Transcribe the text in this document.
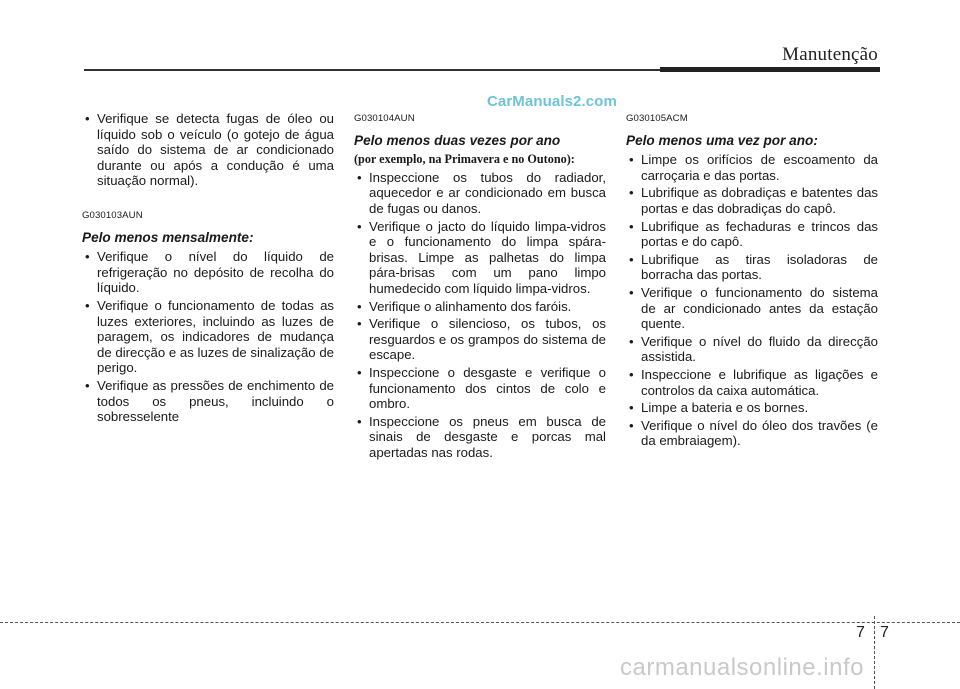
Manutenção
CarManuals2.com
• Verifique se detecta fugas de óleo ou líquido sob o veículo (o gotejo de água saído do sistema de ar condicionado durante ou após a condução é uma situação normal).
G030103AUN
Pelo menos mensalmente:
• Verifique o nível do líquido de refrigeração no depósito de recolha do líquido.
• Verifique o funcionamento de todas as luzes exteriores, incluindo as luzes de paragem, os indicadores de mudança de direcção e as luzes de sinalização de perigo.
• Verifique as pressões de enchimento de todos os pneus, incluindo o sobresselente
G030104AUN
Pelo menos duas vezes por ano
(por exemplo, na Primavera e no Outono):
• Inspeccione os tubos do radiador, aquecedor e ar condicionado em busca de fugas ou danos.
• Verifique o jacto do líquido limpa-vidros e o funcionamento do limpa spára-brisas. Limpe as palhetas do limpa pára-brisas com um pano limpo humedecido com líquido limpa-vidros.
• Verifique o alinhamento dos faróis.
• Verifique o silencioso, os tubos, os resguardos e os grampos do sistema de escape.
• Inspeccione o desgaste e verifique o funcionamento dos cintos de colo e ombro.
• Inspeccione os pneus em busca de sinais de desgaste e porcas mal apertadas nas rodas.
G030105ACM
Pelo menos uma vez por ano:
• Limpe os orifícios de escoamento da carroçaria e das portas.
• Lubrifique as dobradiças e batentes das portas e das dobradiças do capô.
• Lubrifique as fechaduras e trincos das portas e do capô.
• Lubrifique as tiras isoladoras de borracha das portas.
• Verifique o funcionamento do sistema de ar condicionado antes da estação quente.
• Verifique o nível do fluido da direcção assistida.
• Inspeccione e lubrifique as ligações e controlos da caixa automática.
• Limpe a bateria e os bornes.
• Verifique o nível do óleo dos travões (e da embraiagem).
7 7
carmanualsonline.info
